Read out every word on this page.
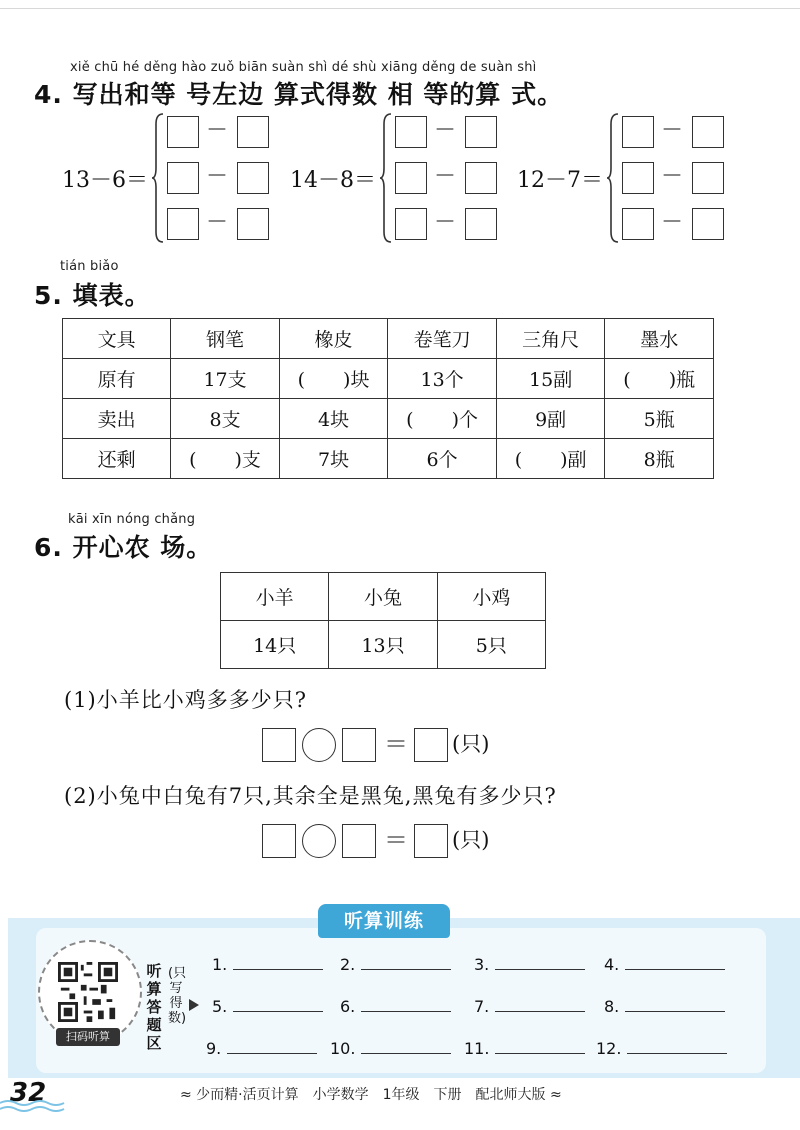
xiě chū hé děng hào zuǒ biān suàn shì dé shù xiāng děng de suàn shì
4. 写出和等 号左边 算式得数 相 等的算 式。
13－6＝
－
－
－
14－8＝
－
－
－
12－7＝
－
－
－
tián biǎo
5. 填表。
文具	钢笔	橡皮	卷笔刀	三角尺	墨水
原有	17支	(　　)块	13个	15副	(　　)瓶
卖出	8支	4块	(　　)个	9副	5瓶
还剩	(　　)支	7块	6个	(　　)副	8瓶
kāi xīn nóng chǎng
6. 开心农 场。
小羊	小兔	小鸡
14只	13只	5只
(1)小羊比小鸡多多少只?
＝ (只)
(2)小兔中白兔有7只,其余全是黑兔,黑兔有多少只?
＝ (只)
听算训练
扫码听算
听算答题区
(只写得数)
1.	2.	3.	4.
5.	6.	7.	8.
9.	10.	11.	12.
32	≈ 少而精·活页计算　小学数学　1年级　下册　配北师大版 ≈
